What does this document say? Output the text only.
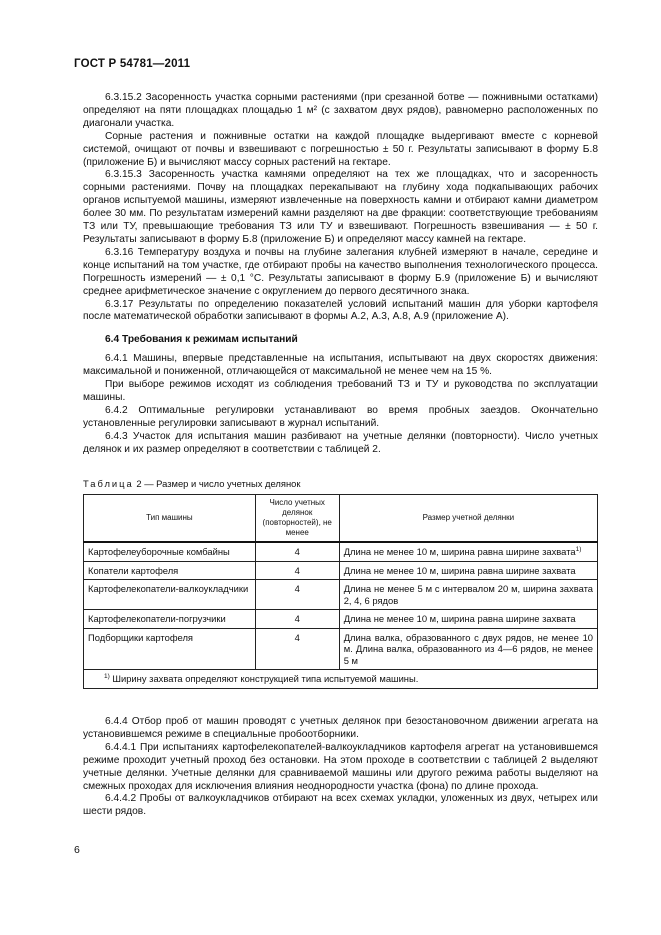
ГОСТ Р 54781—2011

6.3.15.2 Засоренность участка сорными растениями (при срезанной ботве — пожнивными остатками) определяют на пяти площадках площадью 1 м² (с захватом двух рядов), равномерно расположенных по диагонали участка.

Сорные растения и пожнивные остатки на каждой площадке выдергивают вместе с корневой системой, очищают от почвы и взвешивают с погрешностью ± 50 г. Результаты записывают в форму Б.8 (приложение Б) и вычисляют массу сорных растений на гектаре.

6.3.15.3 Засоренность участка камнями определяют на тех же площадках, что и засоренность сорными растениями. Почву на площадках перекапывают на глубину хода подкапывающих рабочих органов испытуемой машины, измеряют извлеченные на поверхность камни и отбирают камни диаметром более 30 мм. По результатам измерений камни разделяют на две фракции: соответствующие требованиям ТЗ или ТУ, превышающие требования ТЗ или ТУ и взвешивают. Погрешность взвешивания — ± 50 г. Результаты записывают в форму Б.8 (приложение Б) и определяют массу камней на гектаре.

6.3.16 Температуру воздуха и почвы на глубине залегания клубней измеряют в начале, середине и конце испытаний на том участке, где отбирают пробы на качество выполнения технологического процесса. Погрешность измерений — ± 0,1 °С. Результаты записывают в форму Б.9 (приложение Б) и вычисляют среднее арифметическое значение с округлением до первого десятичного знака.

6.3.17 Результаты по определению показателей условий испытаний машин для уборки картофеля после математической обработки записывают в формы А.2, А.3, А.8, А.9 (приложение А).

6.4 Требования к режимам испытаний

6.4.1 Машины, впервые представленные на испытания, испытывают на двух скоростях движения: максимальной и пониженной, отличающейся от максимальной не менее чем на 15 %.

При выборе режимов исходят из соблюдения требований ТЗ и ТУ и руководства по эксплуатации машины.

6.4.2 Оптимальные регулировки устанавливают во время пробных заездов. Окончательно установленные регулировки записывают в журнал испытаний.

6.4.3 Участок для испытания машин разбивают на учетные делянки (повторности). Число учетных делянок и их размер определяют в соответствии с таблицей 2.

Таблица 2 — Размер и число учетных делянок
Тип машины	Число учетных делянок (повторностей), не менее	Размер учетной делянки
Картофелеуборочные комбайны	4	Длина не менее 10 м, ширина равна ширине захвата$^{1)}$
Копатели картофеля	4	Длина не менее 10 м, ширина равна ширине захвата
Картофелекопатели-валкоукладчики	4	Длина не менее 5 м с интервалом 20 м, ширина захвата 2, 4, 6 рядов
Картофелекопатели-погрузчики	4	Длина не менее 10 м, ширина равна ширине захвата
Подборщики картофеля	4	Длина валка, образованного с двух рядов, не менее 10 м. Длина валка, образованного из 4—6 рядов, не менее 5 м
$^{1)}$ Ширину захвата определяют конструкцией типа испытуемой машины.		

6.4.4 Отбор проб от машин проводят с учетных делянок при безостановочном движении агрегата на установившемся режиме в специальные пробоотборники.

6.4.4.1 При испытаниях картофелекопателей-валкоукладчиков картофеля агрегат на установившемся режиме проходит учетный проход без остановки. На этом проходе в соответствии с таблицей 2 выделяют учетные делянки. Учетные делянки для сравниваемой машины или другого режима работы выделяют на смежных проходах для исключения влияния неоднородности участка (фона) по длине прохода.

6.4.4.2 Пробы от валкоукладчиков отбирают на всех схемах укладки, уложенных из двух, четырех или шести рядов.

6
